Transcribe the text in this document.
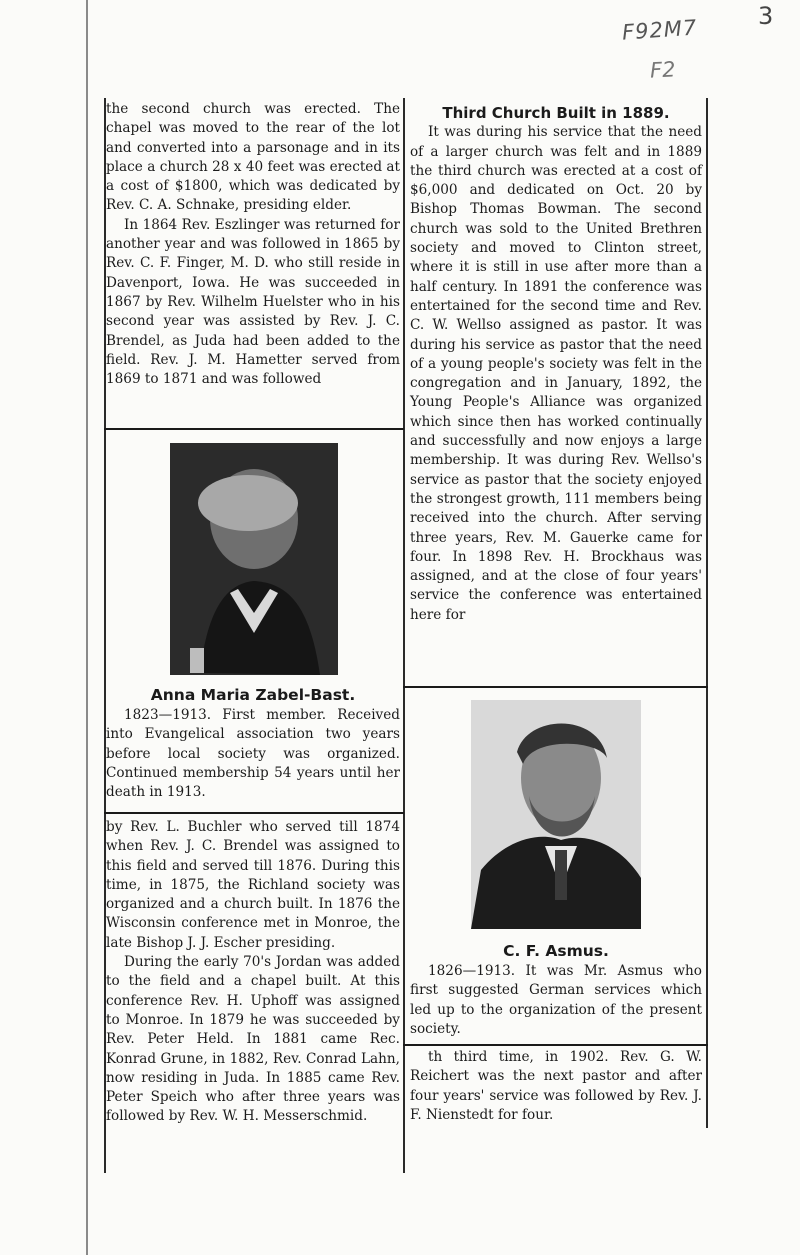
F92M7
F2
3

the second church was erected. The chapel was moved to the rear of the lot and converted into a parsonage and in its place a church 28 x 40 feet was erected at a cost of $1800, which was dedicated by Rev. C. A. Schnake, presiding elder.

In 1864 Rev. Eszlinger was returned for another year and was followed in 1865 by Rev. C. F. Finger, M. D. who still reside in Davenport, Iowa. He was succeeded in 1867 by Rev. Wilhelm Huelster who in his second year was assisted by Rev. J. C. Brendel, as Juda had been added to the field. Rev. J. M. Hametter served from 1869 to 1871 and was followed

Anna Maria Zabel-Bast.

1823—1913. First member. Received into Evangelical association two years before local society was organized. Continued membership 54 years until her death in 1913.

by Rev. L. Buchler who served till 1874 when Rev. J. C. Brendel was assigned to this field and served till 1876. During this time, in 1875, the Richland society was organized and a church built. In 1876 the Wisconsin conference met in Monroe, the late Bishop J. J. Escher presiding.

During the early 70's Jordan was added to the field and a chapel built. At this conference Rev. H. Uphoff was assigned to Monroe. In 1879 he was succeeded by Rev. Peter Held. In 1881 came Rec. Konrad Grune, in 1882, Rev. Conrad Lahn, now residing in Juda. In 1885 came Rev. Peter Speich who after three years was followed by Rev. W. H. Messerschmid.

Third Church Built in 1889.

It was during his service that the need of a larger church was felt and in 1889 the third church was erected at a cost of $6,000 and dedicated on Oct. 20 by Bishop Thomas Bowman. The second church was sold to the United Brethren society and moved to Clinton street, where it is still in use after more than a half century. In 1891 the conference was entertained for the second time and Rev. C. W. Wellso assigned as pastor. It was during his service as pastor that the need of a young people's society was felt in the congregation and in January, 1892, the Young People's Alliance was organized which since then has worked continually and successfully and now enjoys a large membership. It was during Rev. Wellso's service as pastor that the society enjoyed the strongest growth, 111 members being received into the church. After serving three years, Rev. M. Gauerke came for four. In 1898 Rev. H. Brockhaus was assigned, and at the close of four years' service the conference was entertained here for

C. F. Asmus.

1826—1913. It was Mr. Asmus who first suggested German services which led up to the organization of the present society.

th third time, in 1902. Rev. G. W. Reichert was the next pastor and after four years' service was followed by Rev. J. F. Nienstedt for four.
